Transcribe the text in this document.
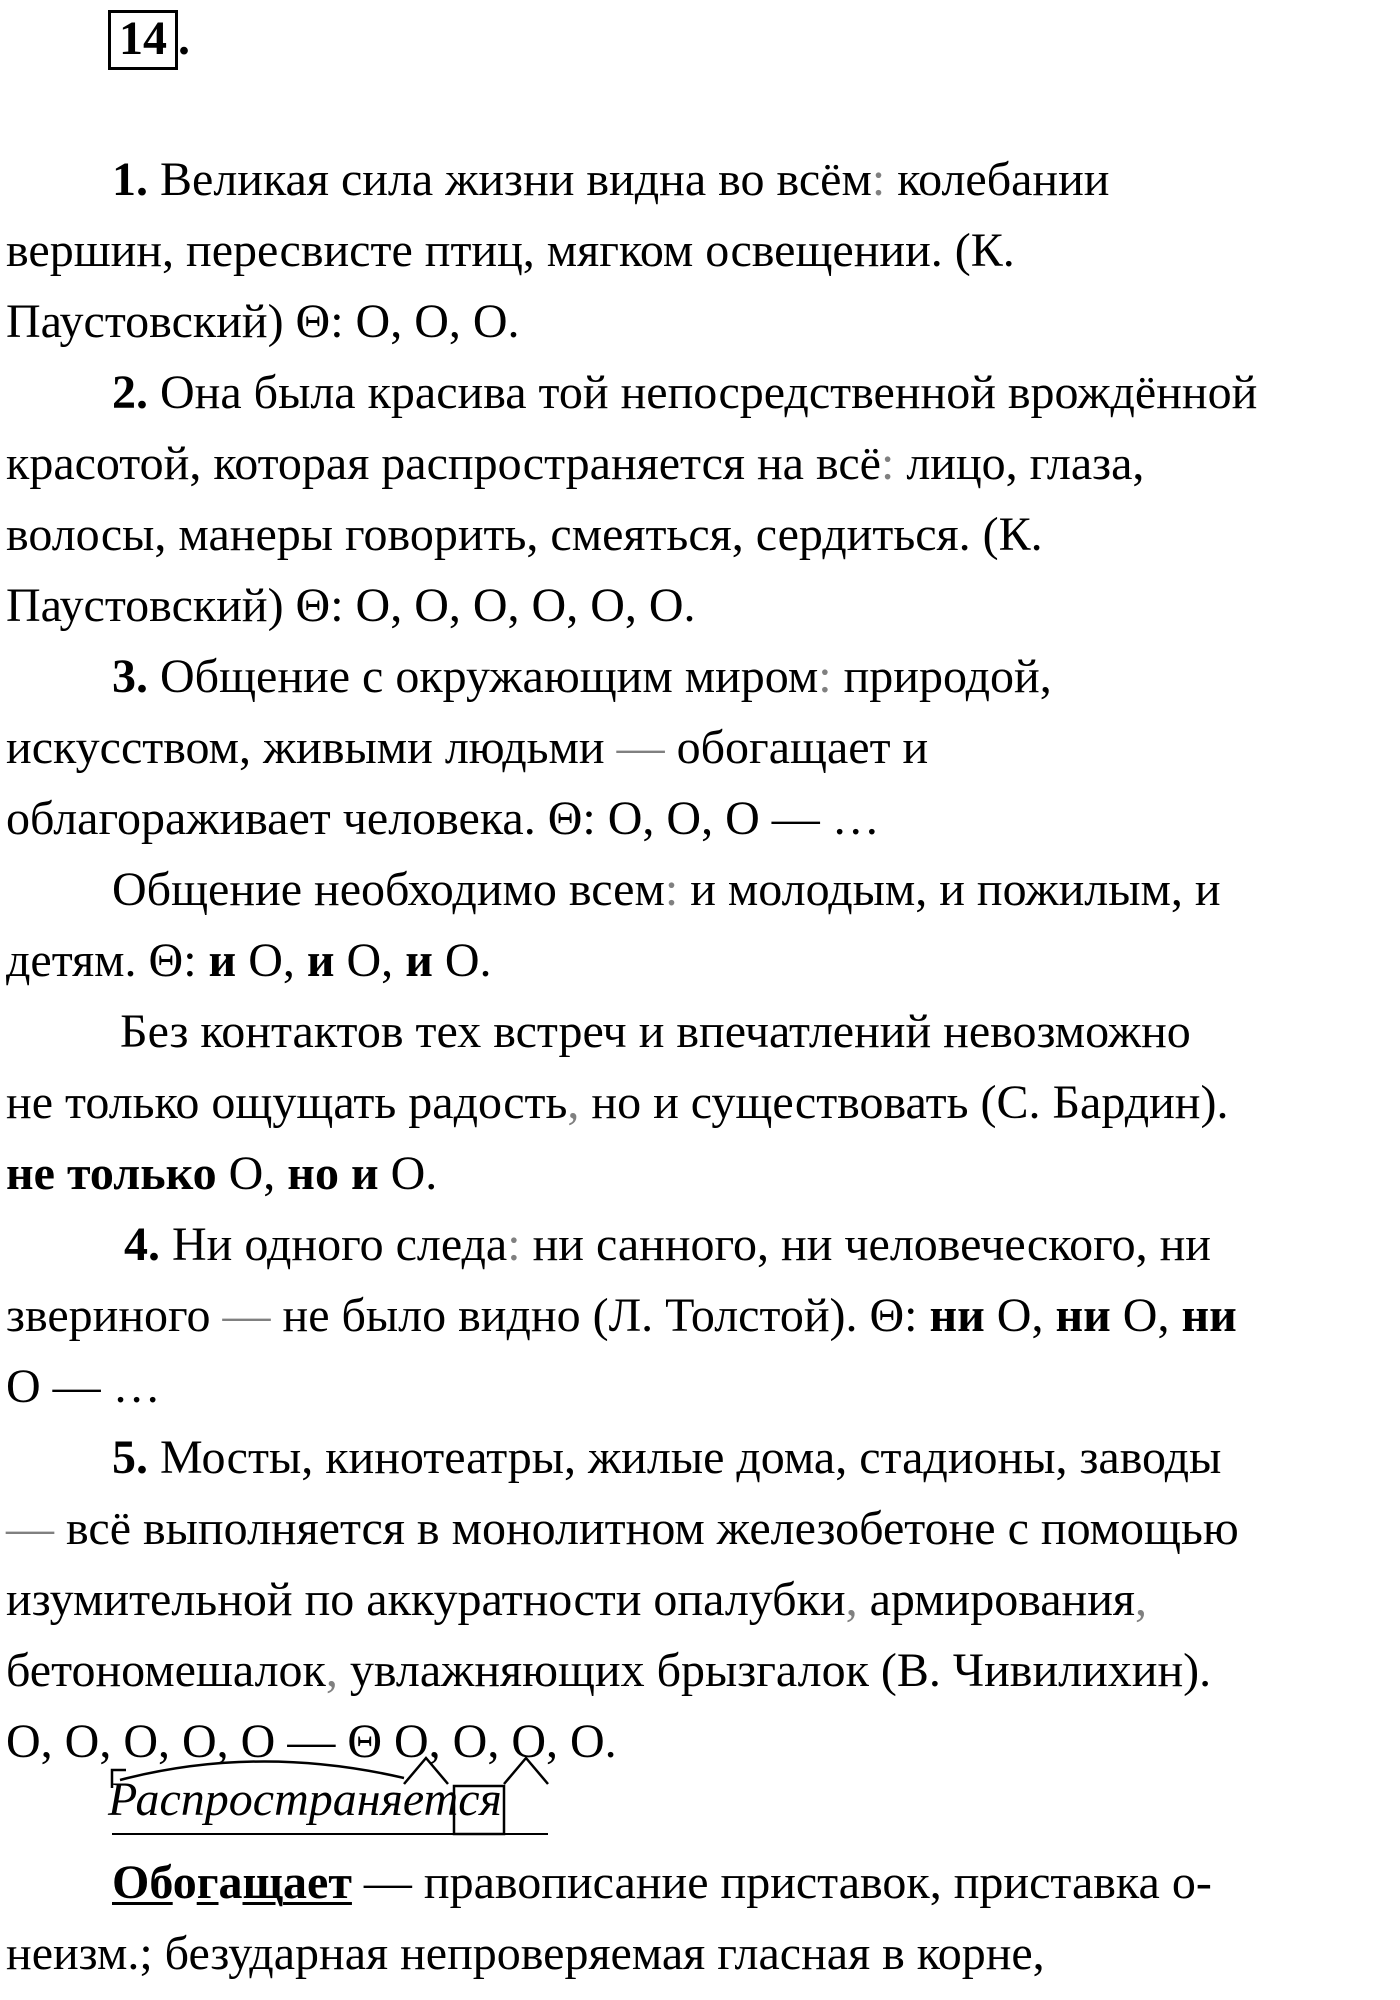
14 .
1. Великая сила жизни видна во всём: колебании
вершин, пересвисте птиц, мягком освещении. (К.
Паустовский) Θ: О, О, О.
2. Она была красива той непосредственной врождённой
красотой, которая распространяется на всё: лицо, глаза,
волосы, манеры говорить, смеяться, сердиться. (К.
Паустовский) Θ: О, О, О, О, О, О.
3. Общение с окружающим миром: природой,
искусством, живыми людьми — обогащает и
облагораживает человека. Θ: О, О, О — …
Общение необходимо всем: и молодым, и пожилым, и
детям. Θ: и О, и О, и О.
Без контактов тех встреч и впечатлений невозможно
не только ощущать радость, но и существовать (С. Бардин).
не только О, но и О.
4. Ни одного следа: ни санного, ни человеческого, ни
звериного — не было видно (Л. Толстой). Θ: ни О, ни О, ни
О — …
5. Мосты, кинотеатры, жилые дома, стадионы, заводы
— всё выполняется в монолитном железобетоне с помощью
изумительной по аккуратности опалубки, армирования,
бетономешалок, увлажняющих брызгалок (В. Чивилихин).
О, О, О, О, О — Θ О, О, О, О.
Распространяется
Обогащает — правописание приставок, приставка о-
неизм.; безударная непроверяемая гласная в корне,
